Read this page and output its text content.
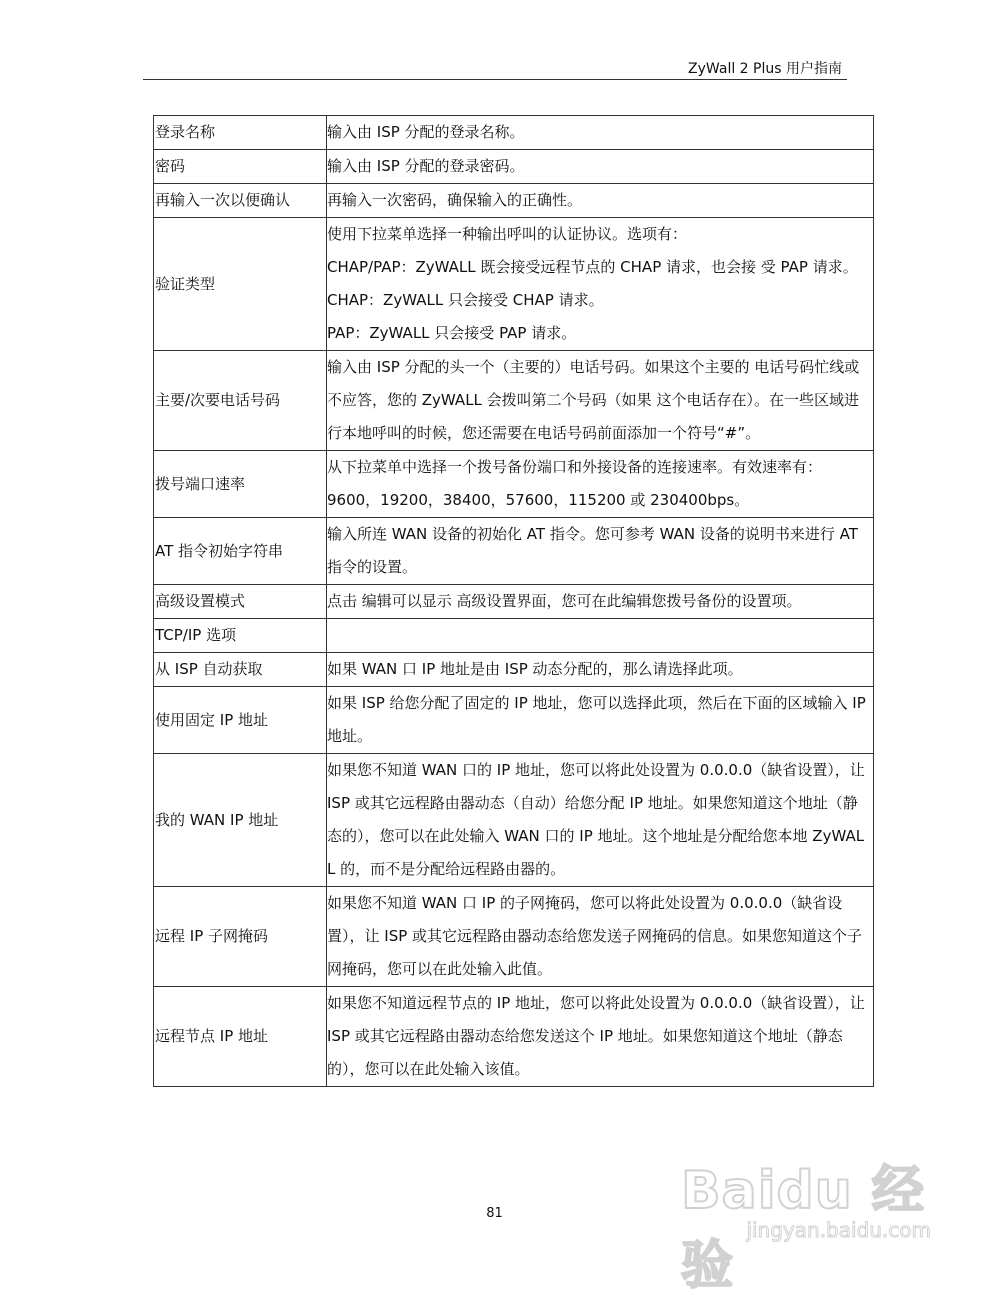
ZyWall 2 Plus 用户指南
登录名称	输入由 ISP 分配的登录名称。

密码	输入由 ISP 分配的登录密码。

再输入一次以便确认	再输入一次密码，确保输入的正确性。

验证类型	使用下拉菜单选择一种输出呼叫的认证协议。选项有：
CHAP/PAP：ZyWALL 既会接受远程节点的 CHAP 请求，也会接 受 PAP 请求。
CHAP：ZyWALL 只会接受 CHAP 请求。
PAP：ZyWALL 只会接受 PAP 请求。

主要/次要电话号码	输入由 ISP 分配的头一个（主要的）电话号码。如果这个主要的 电话号码忙线或不应答，您的 ZyWALL 会拨叫第二个号码（如果 这个电话存在）。在一些区域进行本地呼叫的时候，您还需要在电话号码前面添加一个符号“#”。

拨号端口速率	从下拉菜单中选择一个拨号备份端口和外接设备的连接速率。有效速率有：
9600，19200，38400，57600，115200 或 230400bps。

AT 指令初始字符串	输入所连 WAN 设备的初始化 AT 指令。您可参考 WAN 设备的说明书来进行 AT 指令的设置。

高级设置模式	点击 编辑可以显示 高级设置界面，您可在此编辑您拨号备份的设置项。

TCP/IP 选项	
从 ISP 自动获取	如果 WAN 口 IP 地址是由 ISP 动态分配的，那么请选择此项。

使用固定 IP 地址	如果 ISP 给您分配了固定的 IP 地址，您可以选择此项，然后在下面的区域输入 IP 地址。

我的 WAN IP 地址	如果您不知道 WAN 口的 IP 地址，您可以将此处设置为 0.0.0.0（缺省设置），让 ISP 或其它远程路由器动态（自动）给您分配 IP 地址。如果您知道这个地址（静态的），您可以在此处输入 WAN 口的 IP 地址。这个地址是分配给您本地 ZyWALL 的，而不是分配给远程路由器的。

远程 IP 子网掩码	如果您不知道 WAN 口 IP 的子网掩码，您可以将此处设置为 0.0.0.0（缺省设置），让 ISP 或其它远程路由器动态给您发送子网掩码的信息。如果您知道这个子网掩码，您可以在此处输入此值。

远程节点 IP 地址	如果您不知道远程节点的 IP 地址，您可以将此处设置为 0.0.0.0（缺省设置），让 ISP 或其它远程路由器动态给您发送这个 IP 地址。如果您知道这个地址（静态的），您可以在此处输入该值。
81	Baidu 经验
jingyan.baidu.com
